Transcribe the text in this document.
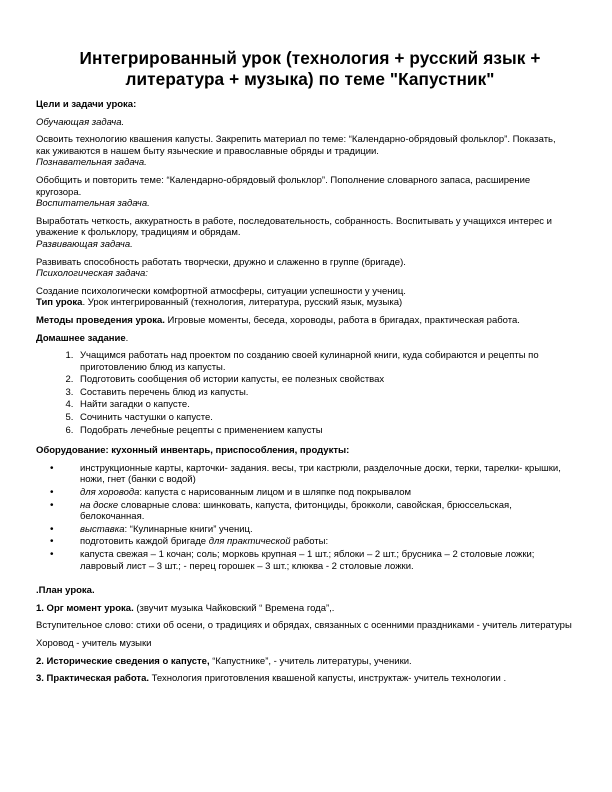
Интегрированный урок (технология + русский язык +
литература + музыка) по теме "Капустник"

Цели и задачи урока:

Обучающая задача.

Освоить технологию квашения капусты. Закрепить материал по теме: “Календарно-обрядовый фольклор”. Показать, как уживаются в нашем быту языческие и православные обряды и традиции.

Познавательная задача.

Обобщить и повторить теме: “Календарно-обрядовый фольклор”. Пополнение словарного запаса, расширение кругозора.

Воспитательная задача.

Выработать четкость, аккуратность в работе, последовательность, собранность. Воспитывать у учащихся интерес и уважение к фольклору, традициям и обрядам.

Развивающая задача.

Развивать способность работать творчески, дружно и слаженно в группе (бригаде).

Психологическая задача:

Создание психологически комфортной атмосферы, ситуации успешности у учениц.

Тип урока. Урок интегрированный (технология, литература, русский язык, музыка)

Методы проведения урока. Игровые моменты, беседа, хороводы, работа в бригадах, практическая работа.

Домашнее задание.

1. Учащимся работать над проектом по созданию своей кулинарной книги, куда собираются и рецепты по приготовлению блюд из капусты.
2. Подготовить сообщения об истории капусты, ее полезных свойствах
3. Составить перечень блюд из капусты.
4. Найти загадки о капусте.
5. Сочинить частушки о капусте.
6. Подобрать лечебные рецепты с применением капусты

Оборудование: кухонный инвентарь, приспособления, продукты:

• инструкционные карты, карточки- задания. весы, три кастрюли, разделочные доски, терки, тарелки- крышки, ножи, гнет (банки с водой)
• для хоровода: капуста с нарисованным лицом и в шляпке под покрывалом
• на доске словарные слова: шинковать, капуста, фитонциды, брокколи, савойская, брюссельская, белокочанная.
• выставка: “Кулинарные книги” учениц.
• подготовить каждой бригаде для практической работы:
• капуста свежая – 1 кочан; соль; морковь крупная – 1 шт.; яблоки – 2 шт.; брусника – 2 столовые ложки; лавровый лист – 3 шт.; - перец горошек – 3 шт.; клюква - 2 столовые ложки.

.План урока.

1. Орг момент урока. (звучит музыка Чайковский “ Времена года”,.

Вступительное слово: стихи об осени, о традициях и обрядах, связанных с осенними праздниками - учитель литературы

Хоровод - учитель музыки

2. Исторические сведения о капусте, “Капустнике”, - учитель литературы, ученики.

3. Практическая работа. Технология приготовления квашеной капусты, инструктаж- учитель технологии .
